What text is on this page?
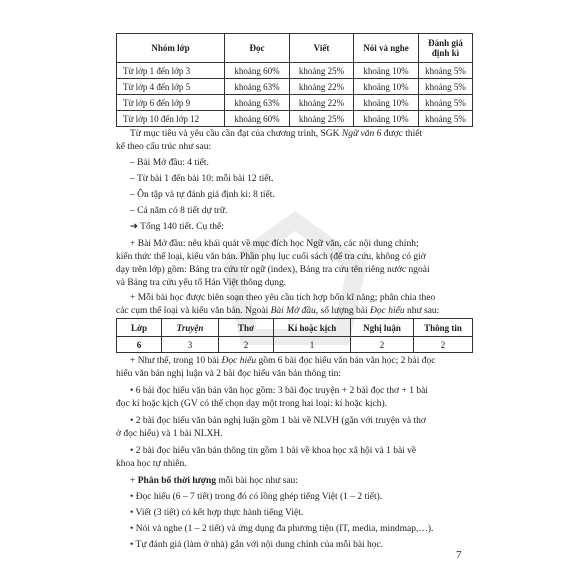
Nhóm lớp	Đọc	Viết	Nói và nghe	Đánh giá định kì
Từ lớp 1 đến lớp 3	khoảng 60%	khoảng 25%	khoảng 10%	khoảng 5%
Từ lớp 4 đến lớp 5	khoảng 63%	khoảng 22%	khoảng 10%	khoảng 5%
Từ lớp 6 đến lớp 9	khoảng 63%	khoảng 22%	khoảng 10%	khoảng 5%
Từ lớp 10 đến lớp 12	khoảng 60%	khoảng 25%	khoảng 10%	khoảng 5%
Từ mục tiêu và yêu cầu cần đạt của chương trình, SGK Ngữ văn 6 được thiết
kế theo cấu trúc như sau:
– Bài Mở đầu: 4 tiết.
– Từ bài 1 đến bài 10: mỗi bài 12 tiết.
– Ôn tập và tự đánh giá định kì: 8 tiết.
– Cả năm có 8 tiết dự trữ.
➔ Tổng 140 tiết. Cụ thể:
+ Bài Mở đầu: nêu khái quát về mục đích học Ngữ văn, các nội dung chính;
kiến thức thể loại, kiểu văn bản. Phần phụ lục cuối sách (để tra cứu, không có giờ
dạy trên lớp) gồm: Bảng tra cứu từ ngữ (index), Bảng tra cứu tên riêng nước ngoài
và Bảng tra cứu yếu tố Hán Việt thông dụng.
+ Mỗi bài học được biên soạn theo yêu cầu tích hợp bốn kĩ năng; phân chia theo
các cụm thể loại và kiểu văn bản. Ngoài Bài Mở đầu, số lượng bài Đọc hiểu như sau:
Lớp	Truyện	Thơ	Kí hoặc kịch	Nghị luận	Thông tin
6	3	2	1	2	2
+ Như thế, trong 10 bài Đọc hiểu gồm 6 bài đọc hiểu văn bản văn học; 2 bài đọc
hiểu văn bản nghị luận và 2 bài đọc hiểu văn bản thông tin:
• 6 bài đọc hiểu văn bản văn học gồm: 3 bài đọc truyện + 2 bài đọc thơ + 1 bài
đọc kí hoặc kịch (GV có thể chọn dạy một trong hai loại: kí hoặc kịch).
• 2 bài đọc hiểu văn bản nghị luận gồm 1 bài về NLVH (gắn với truyện và thơ
ở đọc hiểu) và 1 bài NLXH.
• 2 bài đọc hiểu văn bản thông tin gồm 1 bài về khoa học xã hội và 1 bài về
khoa học tự nhiên.
+ Phân bổ thời lượng mỗi bài học như sau:
• Đọc hiểu (6 – 7 tiết) trong đó có lồng ghép tiếng Việt (1 – 2 tiết).
• Viết (3 tiết) có kết hợp thực hành tiếng Việt.
• Nói và nghe (1 – 2 tiết) và ứng dụng đa phương tiện (IT, media, mindmap,…).
• Tự đánh giá (làm ở nhà) gắn với nội dung chính của mỗi bài học.
7
